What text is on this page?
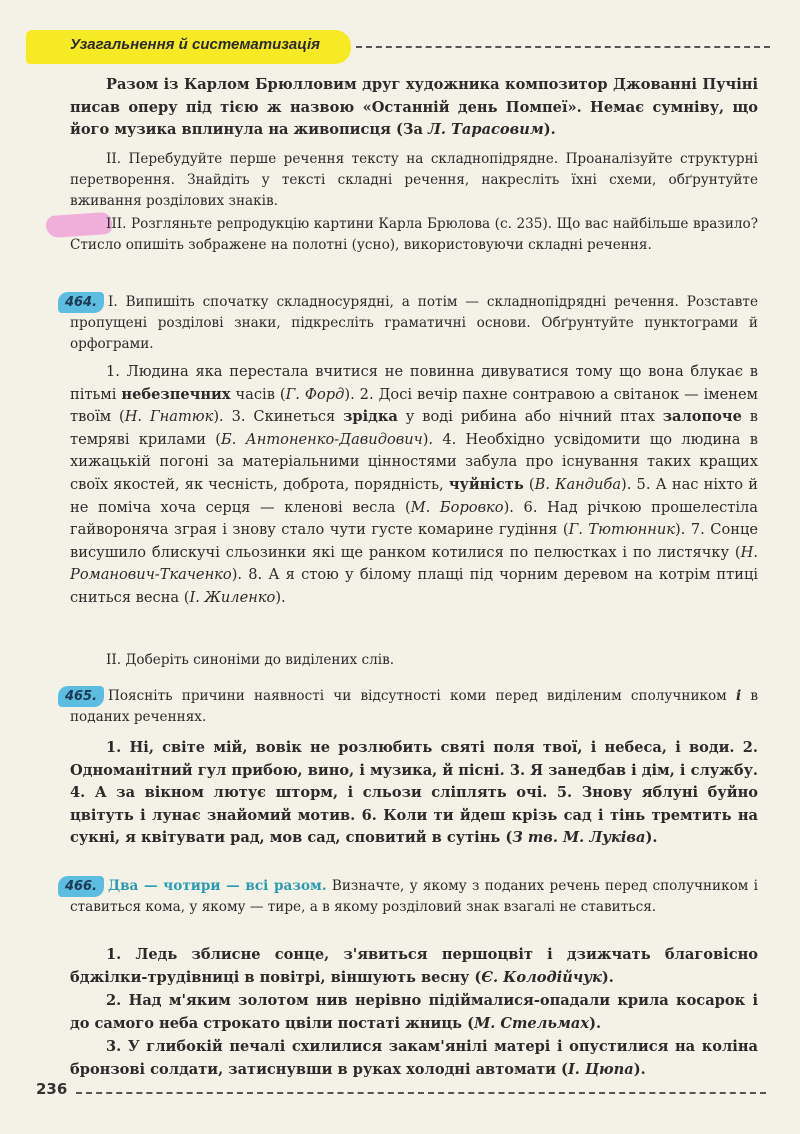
Узагальнення й систематизація
Разом із Карлом Брюлловим друг художника композитор Джованні Пучіні писав оперу під тією ж назвою «Останній день Помпеї». Немає сумніву, що його музика вплинула на живописця (За Л. Тарасовим).
ІІ. Перебудуйте перше речення тексту на складнопідрядне. Проаналізуйте структурні перетворення. Знайдіть у тексті складні речення, накресліть їхні схеми, обґрунтуйте вживання розділових знаків.
ІІІ. Розгляньте репродукцію картини Карла Брюлова (с. 235). Що вас найбільше вразило? Стисло опишіть зображене на полотні (усно), використовуючи складні речення.
464. І. Випишіть спочатку складносурядні, а потім — складнопідрядні речення. Розставте пропущені розділові знаки, підкресліть граматичні основи. Обґрунтуйте пунктограми й орфограми.
1. Людина яка перестала вчитися не повинна дивуватися тому що вона блукає в пітьмі небезпечних часів (Г. Форд). 2. Досі вечір пахне сонтравою а світанок — іменем твоїм (Н. Гнатюк). 3. Скинеться зрідка у воді рибина або нічний птах залопоче в темряві крилами (Б. Антоненко-Давидович). 4. Необхідно усвідомити що людина в хижацькій погоні за матеріальними цінностями забула про існування таких кращих своїх якостей, як чесність, доброта, порядність, чуйність (В. Кандиба). 5. А нас ніхто й не поміча хоча серця — кленові весла (М. Боровко). 6. Над річкою прошелестіла гайвороняча зграя і знову стало чути густе комарине гудіння (Г. Тютюнник). 7. Сонце висушило блискучі сльозинки які ще ранком котилися по пелюстках і по листячку (Н. Романович-Ткаченко). 8. А я стою у білому плащі під чорним деревом на котрім птиці сниться весна (І. Жиленко).
ІІ. Доберіть синоніми до виділених слів.
465. Поясніть причини наявності чи відсутності коми перед виділеним сполучником і в поданих реченнях.
1. Ні, світе мій, вовік не розлюбить святі поля твої, і небеса, і води. 2. Одноманітний гул прибою, вино, і музика, й пісні. 3. Я занедбав і дім, і службу. 4. А за вікном лютує шторм, і сльози сліплять очі. 5. Знову яблуні буйно цвітуть і лунає знайомий мотив. 6. Коли ти йдеш крізь сад і тінь тремтить на сукні, я квітувати рад, мов сад, сповитий в сутінь (З тв. М. Луківа).
466. Два — чотири — всі разом. Визначте, у якому з поданих речень перед сполучником і ставиться кома, у якому — тире, а в якому розділовий знак взагалі не ставиться.
1. Ледь зблисне сонце, з'явиться першоцвіт і дзижчать благовісно бджілки-трудівниці в повітрі, віншують весну (Є. Колодійчук).
2. Над м'яким золотом нив нерівно підіймалися-опадали крила косарок і до самого неба строкато цвіли постаті жниць (М. Стельмах).
3. У глибокій печалі схилилися закам'янілі матері і опустилися на коліна бронзові солдати, затиснувши в руках холодні автомати (І. Цюпа).
236
